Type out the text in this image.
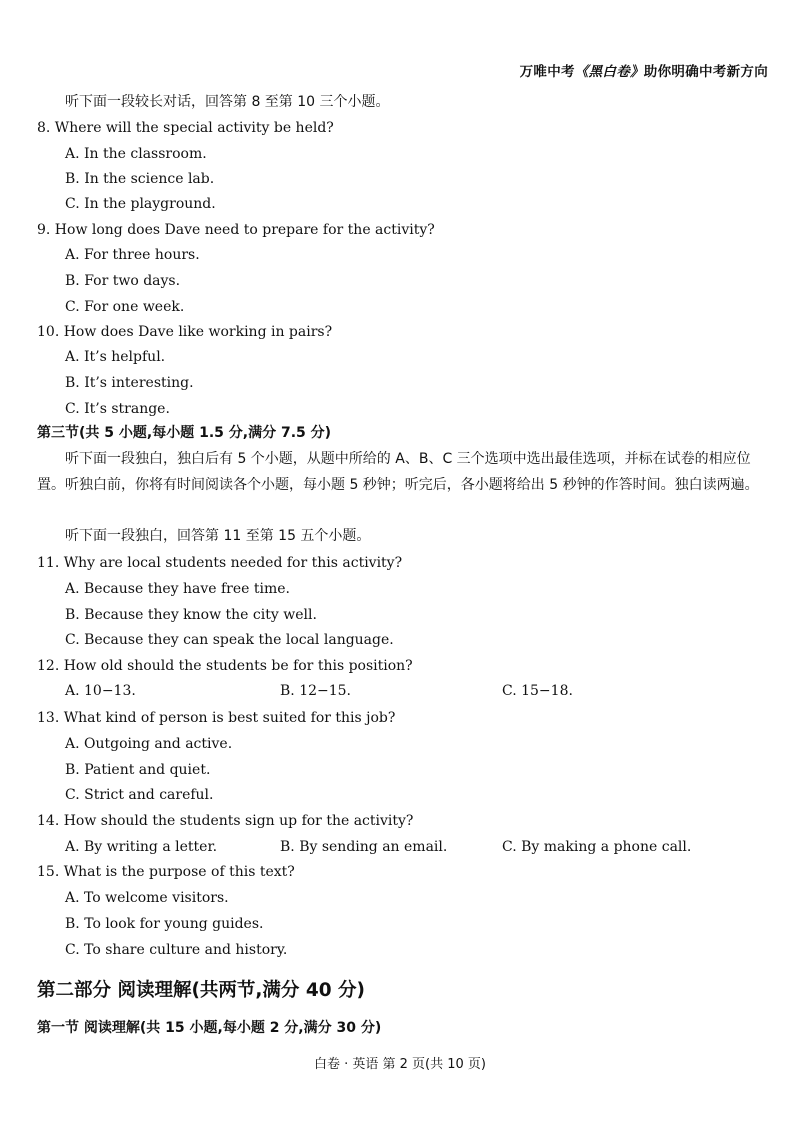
万唯中考《黑白卷》助你明确中考新方向
听下面一段较长对话，回答第 8 至第 10 三个小题。
8. Where will the special activity be held?
A. In the classroom.
B. In the science lab.
C. In the playground.
9. How long does Dave need to prepare for the activity?
A. For three hours.
B. For two days.
C. For one week.
10. How does Dave like working in pairs?
A. It’s helpful.
B. It’s interesting.
C. It’s strange.
第三节(共 5 小题,每小题 1.5 分,满分 7.5 分)
听下面一段独白，独白后有 5 个小题，从题中所给的 A、B、C 三个选项中选出最佳选项，并标在试卷的相应位置。听独白前，你将有时间阅读各个小题，每小题 5 秒钟；听完后，各小题将给出 5 秒钟的作答时间。独白读两遍。
听下面一段独白，回答第 11 至第 15 五个小题。
11. Why are local students needed for this activity?
A. Because they have free time.
B. Because they know the city well.
C. Because they can speak the local language.
12. How old should the students be for this position?
A. 10−13.	B. 12−15.	C. 15−18.
13. What kind of person is best suited for this job?
A. Outgoing and active.
B. Patient and quiet.
C. Strict and careful.
14. How should the students sign up for the activity?
A. By writing a letter.	B. By sending an email.	C. By making a phone call.
15. What is the purpose of this text?
A. To welcome visitors.
B. To look for young guides.
C. To share culture and history.
第二部分 阅读理解(共两节,满分 40 分)
第一节 阅读理解(共 15 小题,每小题 2 分,满分 30 分)
白卷 · 英语 第 2 页(共 10 页)
